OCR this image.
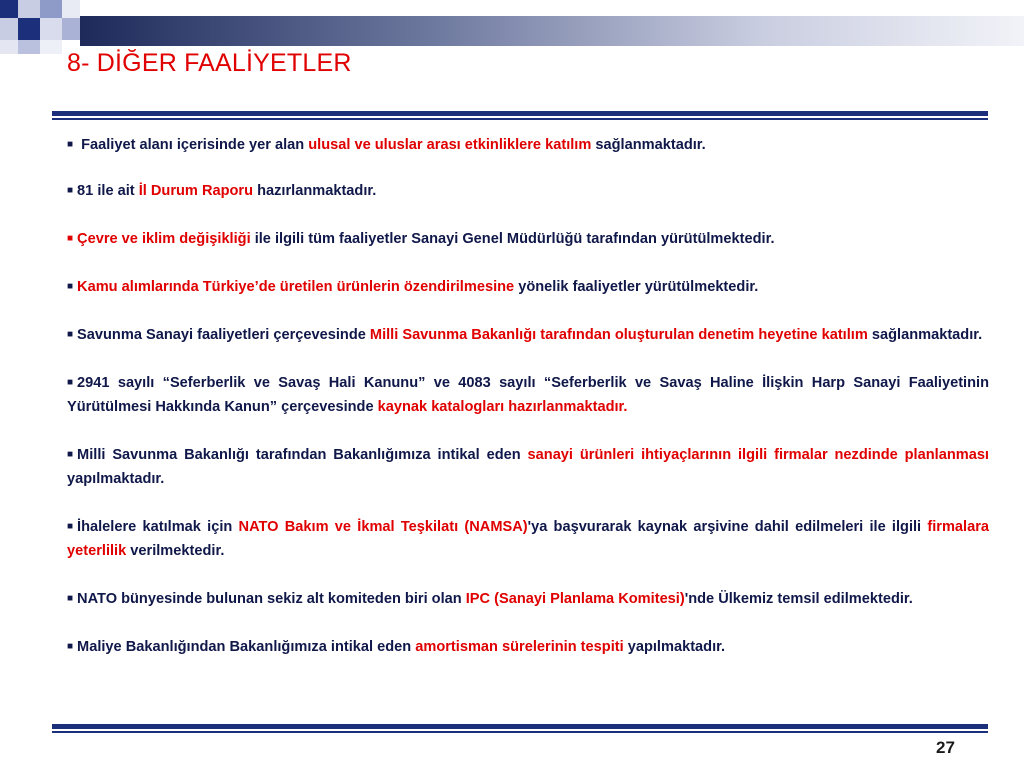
8- DİĞER FAALİYETLER

■ Faaliyet alanı içerisinde yer alan ulusal ve uluslar arası etkinliklere katılım sağlanmaktadır.

■ 81 ile ait İl Durum Raporu hazırlanmaktadır.

■ Çevre ve iklim değişikliği ile ilgili tüm faaliyetler Sanayi Genel Müdürlüğü tarafından yürütülmektedir.

■ Kamu alımlarında Türkiye’de üretilen ürünlerin özendirilmesine yönelik faaliyetler yürütülmektedir.

■ Savunma Sanayi faaliyetleri çerçevesinde Milli Savunma Bakanlığı tarafından oluşturulan denetim heyetine katılım sağlanmaktadır.

■ 2941 sayılı “Seferberlik ve Savaş Hali Kanunu” ve 4083 sayılı “Seferberlik ve Savaş Haline İlişkin Harp Sanayi Faaliyetinin Yürütülmesi Hakkında Kanun” çerçevesinde kaynak katalogları hazırlanmaktadır.

■ Milli Savunma Bakanlığı tarafından Bakanlığımıza intikal eden sanayi ürünleri ihtiyaçlarının ilgili firmalar nezdinde planlanması yapılmaktadır.

■ İhalelere katılmak için NATO Bakım ve İkmal Teşkilatı (NAMSA)'ya başvurarak kaynak arşivine dahil edilmeleri ile ilgili firmalara yeterlilik verilmektedir.

■ NATO bünyesinde bulunan sekiz alt komiteden biri olan IPC (Sanayi Planlama Komitesi)'nde Ülkemiz temsil edilmektedir.

■ Maliye Bakanlığından Bakanlığımıza intikal eden amortisman sürelerinin tespiti yapılmaktadır.

27
